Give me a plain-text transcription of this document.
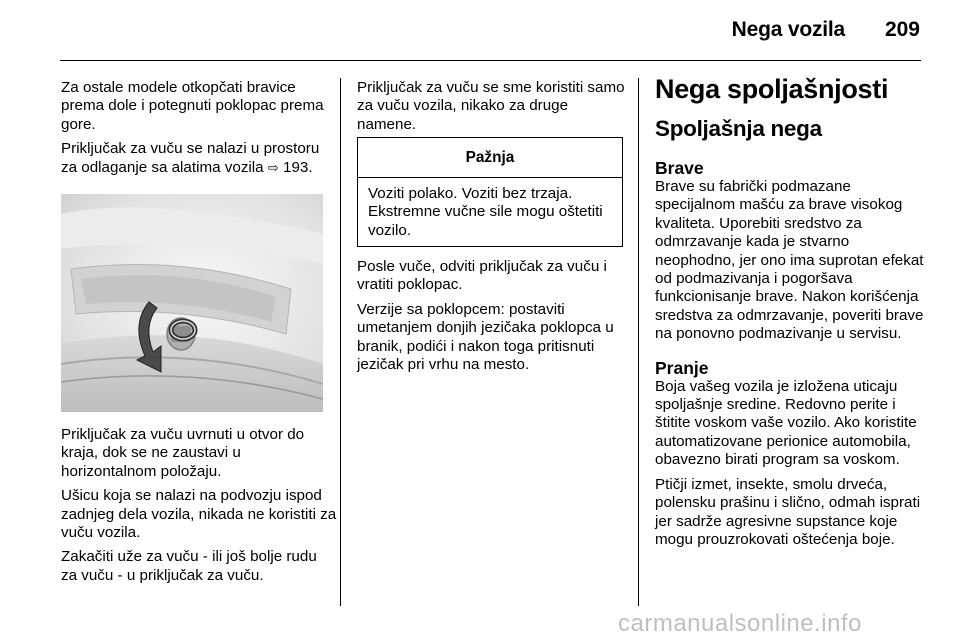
Nega vozila	209

Za ostale modele otkopčati bravice prema dole i potegnuti poklopac prema gore.

Priključak za vuču se nalazi u prostoru za odlaganje sa alatima vozila ⇨ 193.

Priključak za vuču uvrnuti u otvor do kraja, dok se ne zaustavi u horizontalnom položaju.

Ušicu koja se nalazi na podvozju ispod zadnjeg dela vozila, nikada ne koristiti za vuču vozila.

Zakačiti uže za vuču - ili još bolje rudu za vuču - u priključak za vuču.

Priključak za vuču se sme koristiti samo za vuču vozila, nikako za druge namene.

Pažnja
Voziti polako. Voziti bez trzaja. Ekstremne vučne sile mogu oštetiti vozilo.

Posle vuče, odviti priključak za vuču i vratiti poklopac.

Verzije sa poklopcem: postaviti umetanjem donjih jezičaka poklopca u branik, podići i nakon toga pritisnuti jezičak pri vrhu na mesto.

Nega spoljašnjosti
Spoljašnja nega
Brave

Brave su fabrički podmazane specijalnom mašću za brave visokog kvaliteta. Uporebiti sredstvo za odmrzavanje kada je stvarno neophodno, jer ono ima suprotan efekat od podmazivanja i pogoršava funkcionisanje brave. Nakon korišćenja sredstva za odmrzavanje, poveriti brave na ponovno podmazivanje u servisu.

Pranje

Boja vašeg vozila je izložena uticaju spoljašnje sredine. Redovno perite i štitite voskom vaše vozilo. Ako koristite automatizovane perionice automobila, obavezno birati program sa voskom.

Ptičji izmet, insekte, smolu drveća, polensku prašinu i slično, odmah isprati jer sadrže agresivne supstance koje mogu prouzrokovati oštećenja boje.

carmanualsonline.info
